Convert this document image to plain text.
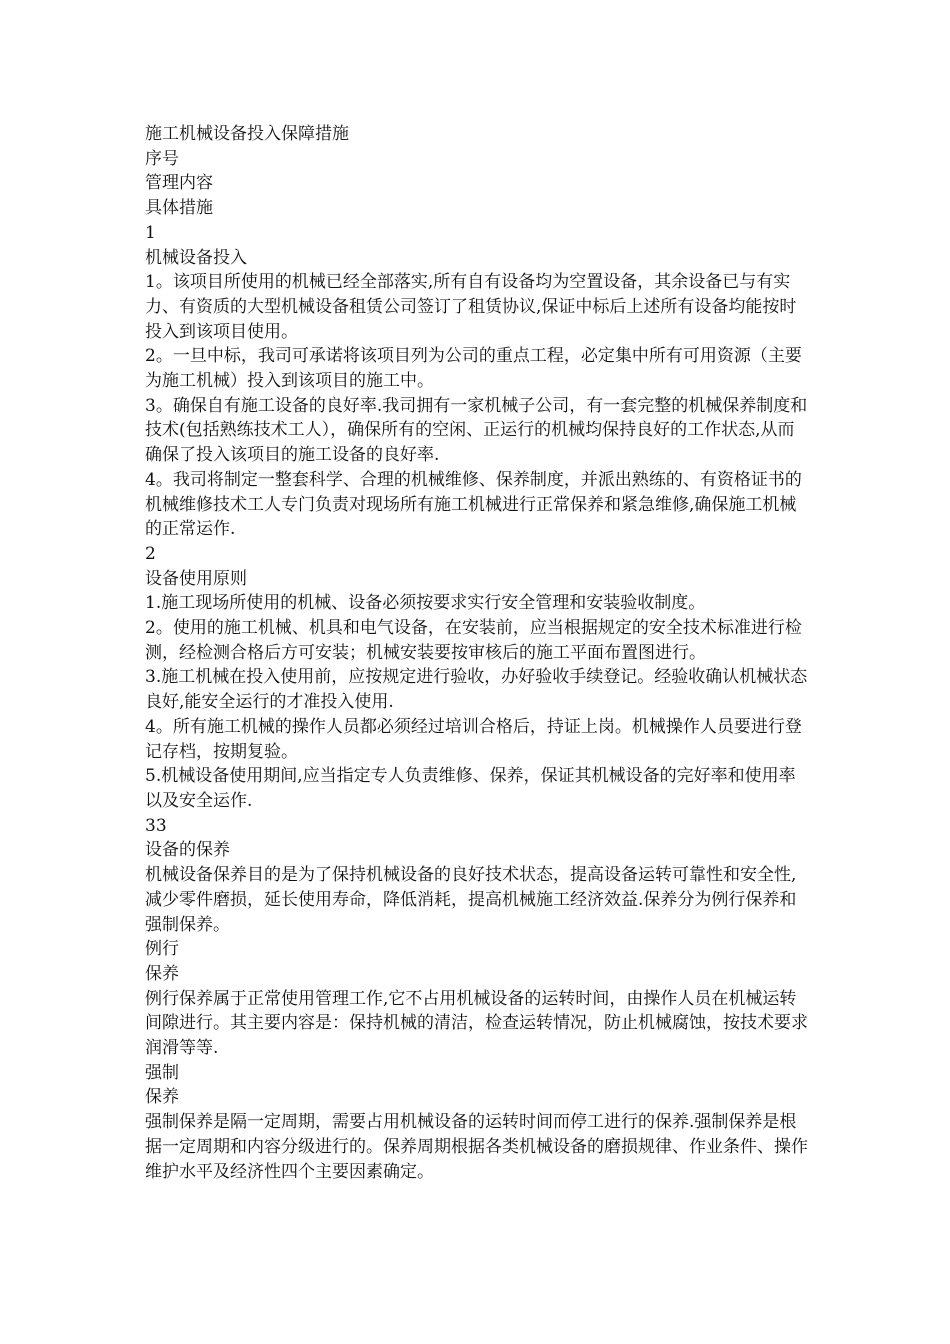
施工机械设备投入保障措施

序号

管理内容

具体措施

1

机械设备投入

1。该项目所使用的机械已经全部落实,所有自有设备均为空置设备，其余设备已与有实力、有资质的大型机械设备租赁公司签订了租赁协议,保证中标后上述所有设备均能按时投入到该项目使用。

2。一旦中标，我司可承诺将该项目列为公司的重点工程，必定集中所有可用资源（主要为施工机械）投入到该项目的施工中。

3。确保自有施工设备的良好率.我司拥有一家机械子公司，有一套完整的机械保养制度和技术(包括熟练技术工人），确保所有的空闲、正运行的机械均保持良好的工作状态,从而确保了投入该项目的施工设备的良好率.

4。我司将制定一整套科学、合理的机械维修、保养制度，并派出熟练的、有资格证书的机械维修技术工人专门负责对现场所有施工机械进行正常保养和紧急维修,确保施工机械的正常运作.

2

设备使用原则

1.施工现场所使用的机械、设备必须按要求实行安全管理和安装验收制度。

2。使用的施工机械、机具和电气设备，在安装前，应当根据规定的安全技术标准进行检测，经检测合格后方可安装；机械安装要按审核后的施工平面布置图进行。

3.施工机械在投入使用前，应按规定进行验收，办好验收手续登记。经验收确认机械状态良好,能安全运行的才准投入使用.

4。所有施工机械的操作人员都必须经过培训合格后，持证上岗。机械操作人员要进行登记存档，按期复验。

5.机械设备使用期间,应当指定专人负责维修、保养，保证其机械设备的完好率和使用率以及安全运作.

33

设备的保养

机械设备保养目的是为了保持机械设备的良好技术状态，提高设备运转可靠性和安全性,减少零件磨损，延长使用寿命，降低消耗，提高机械施工经济效益.保养分为例行保养和强制保养。

例行

保养

例行保养属于正常使用管理工作,它不占用机械设备的运转时间，由操作人员在机械运转间隙进行。其主要内容是：保持机械的清洁，检查运转情况，防止机械腐蚀，按技术要求润滑等等.

强制

保养

强制保养是隔一定周期，需要占用机械设备的运转时间而停工进行的保养.强制保养是根据一定周期和内容分级进行的。保养周期根据各类机械设备的磨损规律、作业条件、操作维护水平及经济性四个主要因素确定。
